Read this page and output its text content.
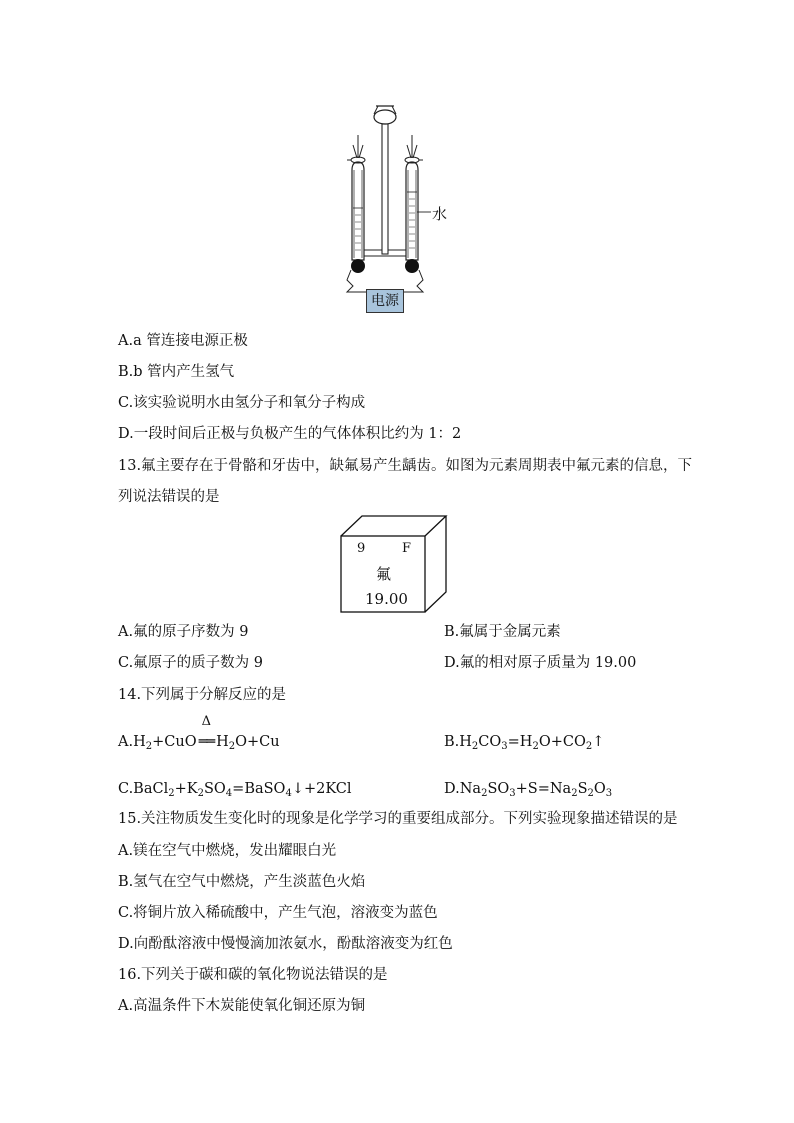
水
电源
A.a 管连接电源正极
B.b 管内产生氢气
C.该实验说明水由氢分子和氧分子构成
D.一段时间后正极与负极产生的气体体积比约为 1：2
13.氟主要存在于骨骼和牙齿中，缺氟易产生龋齿。如图为元素周期表中氟元素的信息，下
列说法错误的是
9	F
氟
19.00
A.氟的原子序数为 9	B.氟属于金属元素
C.氟原子的质子数为 9	D.氟的相对原子质量为 19.00
14.下列属于分解反应的是
$A.H_2+CuO$
Δ
══ $H_2O+Cu$	$B.H_2CO_3=H_2O+CO_2↑$
$C.BaCl_2+K_2SO_4=BaSO_4↓+2KCl$	$D.Na_2SO_3+S=Na_2S_2O_3$
15.关注物质发生变化时的现象是化学学习的重要组成部分。下列实验现象描述错误的是
A.镁在空气中燃烧，发出耀眼白光
B.氢气在空气中燃烧，产生淡蓝色火焰
C.将铜片放入稀硫酸中，产生气泡，溶液变为蓝色
D.向酚酞溶液中慢慢滴加浓氨水，酚酞溶液变为红色
16.下列关于碳和碳的氧化物说法错误的是
A.高温条件下木炭能使氧化铜还原为铜
